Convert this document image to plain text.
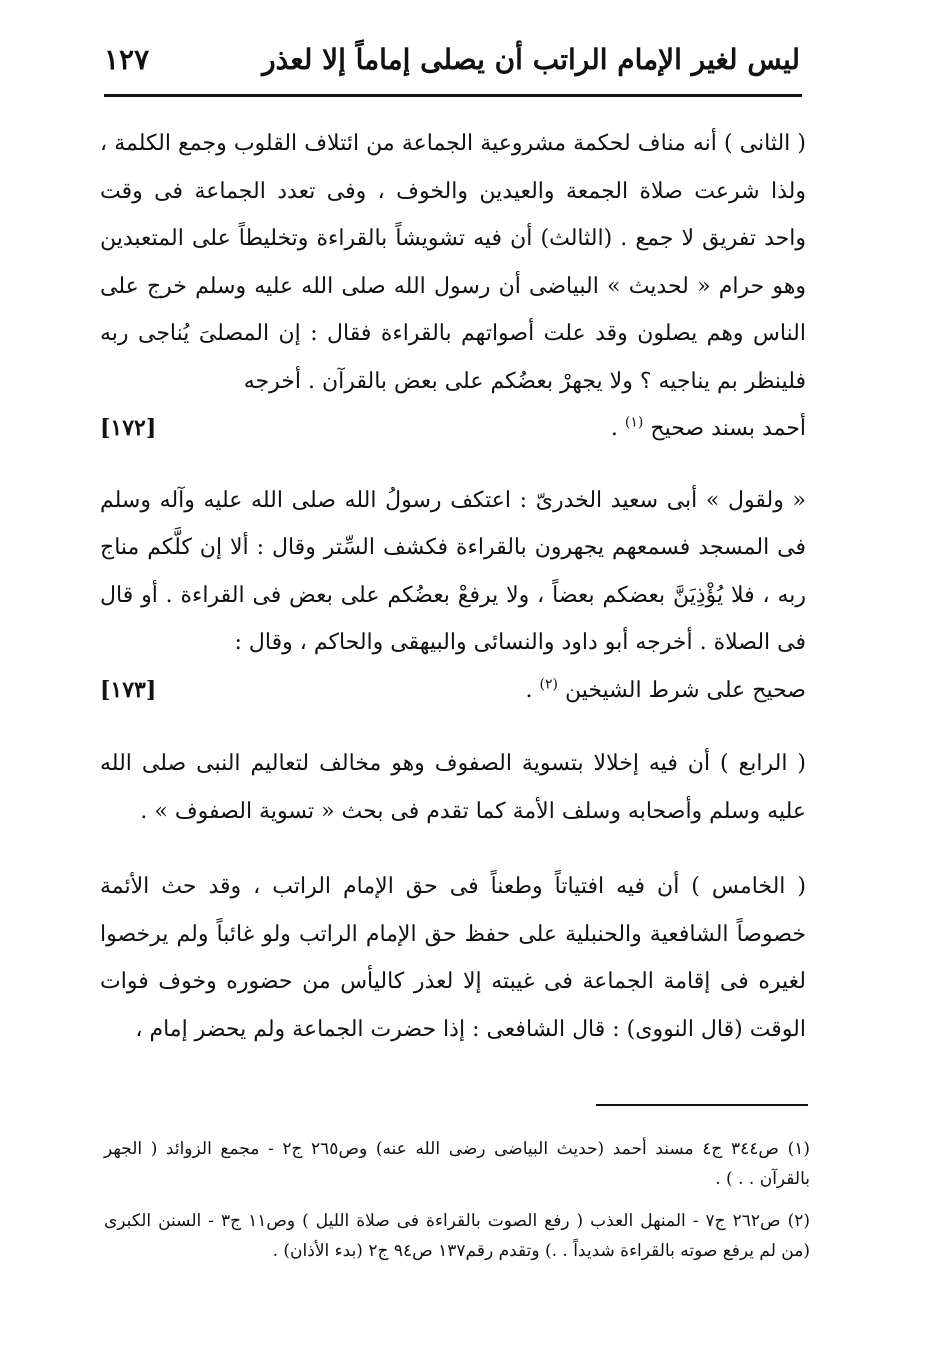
ليس لغير الإمام الراتب أن يصلى إماماً إلا لعذر
١٢٧

( الثانى ) أنه مناف لحكمة مشروعية الجماعة من ائتلاف القلوب وجمع الكلمة ، ولذا شرعت صلاة الجمعة والعيدين والخوف ، وفى تعدد الجماعة فى وقت واحد تفريق لا جمع . (الثالث) أن فيه تشويشاً بالقراءة وتخليطاً على المتعبدين وهو حرام « لحديث » البياضى أن رسول الله صلى الله عليه وسلم خرج على الناس وهم يصلون وقد علت أصواتهم بالقراءة فقال : إن المصلىَ يُناجى ربه فلينظر بم يناجيه ؟ ولا يجهرْ بعضُكم على بعض بالقرآن . أخرجه
أحمد بسند صحيح $^{(١)}$ .
[١٧٢]

« ولقول » أبى سعيد الخدرىّ : اعتكف رسولُ الله صلى الله عليه وآله وسلم فى المسجد فسمعهم يجهرون بالقراءة فكشف السِّتر وقال : ألا إن كلَّكم مناج ربه ، فلا يُؤْذِيَنَّ بعضكم بعضاً ، ولا يرفعْ بعضُكم على بعض فى القراءة . أو قال فى الصلاة . أخرجه أبو داود والنسائى والبيهقى والحاكم ، وقال :
صحيح على شرط الشيخين $^{(٢)}$ .
[١٧٣]

( الرابع ) أن فيه إخلالا بتسوية الصفوف وهو مخالف لتعاليم النبى صلى الله عليه وسلم وأصحابه وسلف الأمة كما تقدم فى بحث « تسوية الصفوف » .

( الخامس ) أن فيه افتياتاً وطعناً فى حق الإمام الراتب ، وقد حث الأئمة خصوصاً الشافعية والحنبلية على حفظ حق الإمام الراتب ولو غائباً ولم يرخصوا لغيره فى إقامة الجماعة فى غيبته إلا لعذر كاليأس من حضوره وخوف فوات الوقت (قال النووى) : قال الشافعى : إذا حضرت الجماعة ولم يحضر إمام ،

(١) ص٣٤٤ ج٤ مسند أحمد (حديث البياضى رضى الله عنه) وص٢٦٥ ج٢ - مجمع الزوائد ( الجهر بالقرآن . . ) .

(٢) ص٢٦٢ ج٧ - المنهل العذب ( رفع الصوت بالقراءة فى صلاة الليل ) وص١١ ج٣ - السنن الكبرى (من لم يرفع صوته بالقراءة شديداً . .) وتقدم رقم١٣٧ ص٩٤ ج٢ (بدء الأذان) .
